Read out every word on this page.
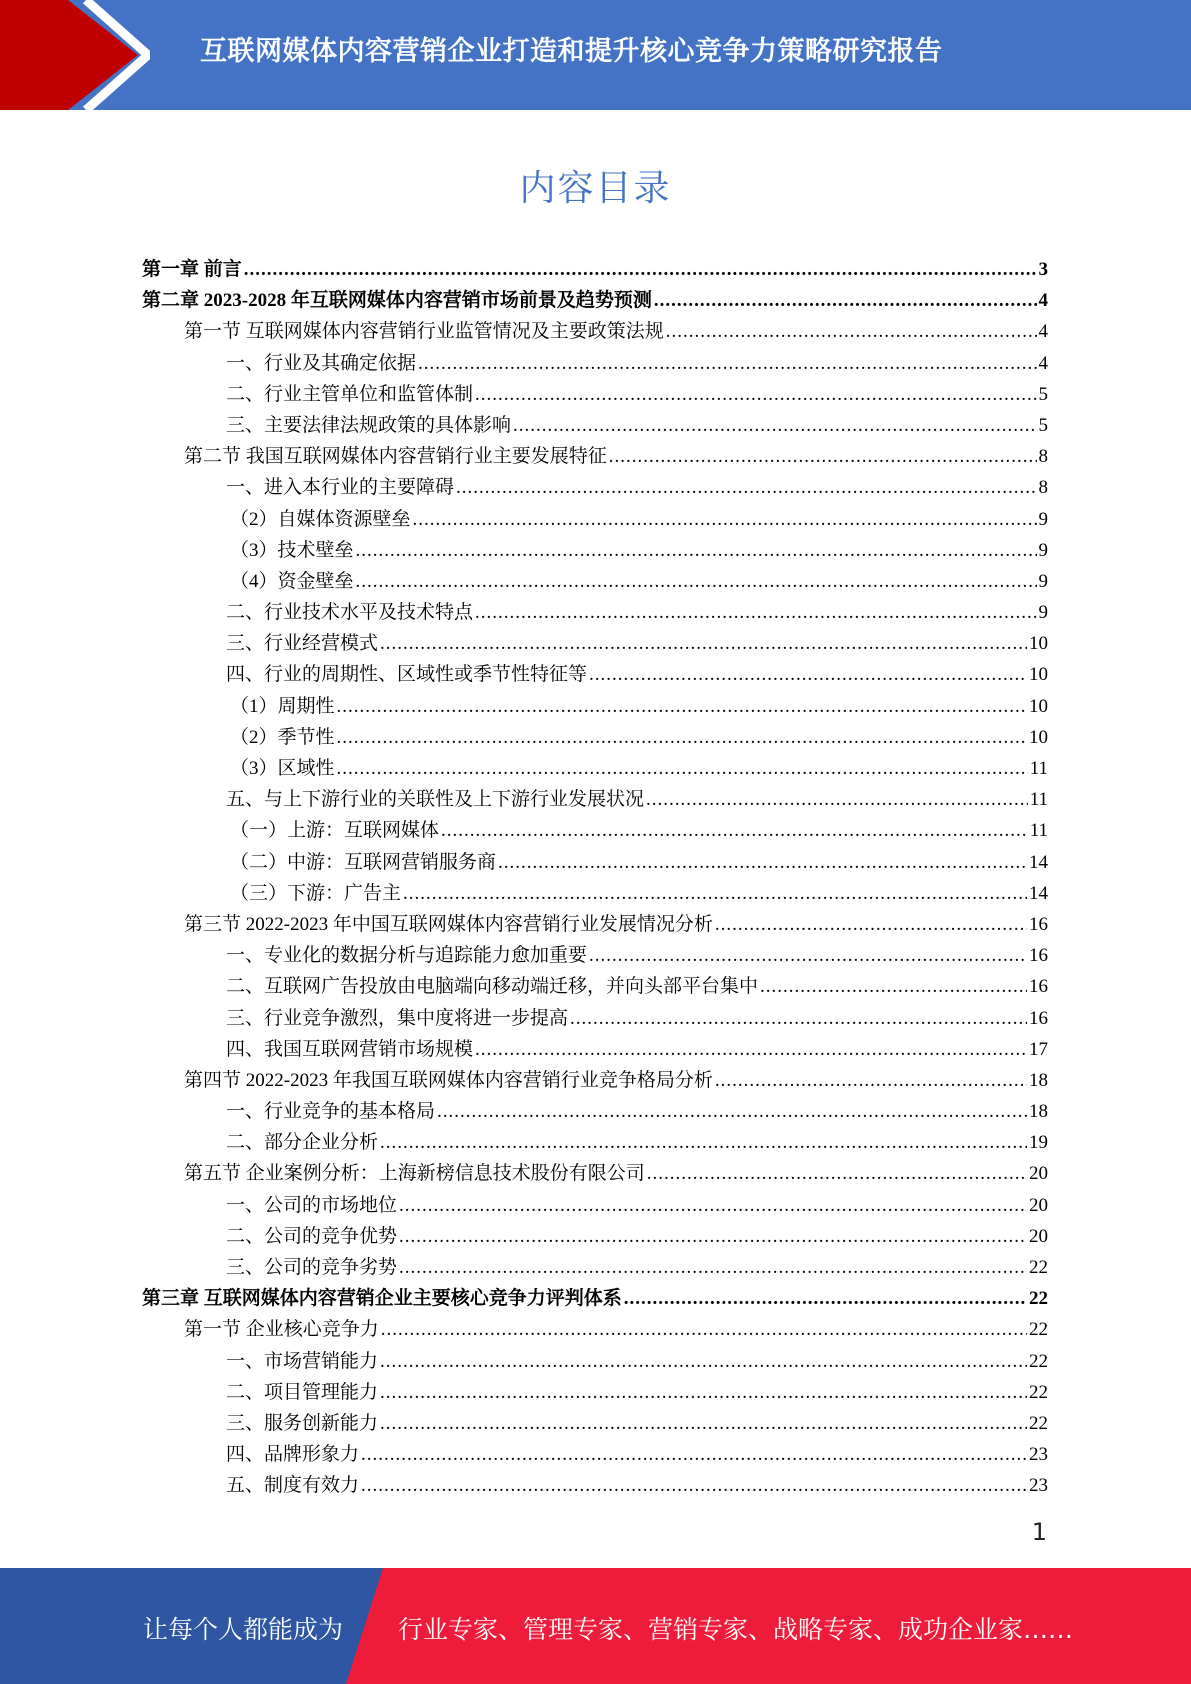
互联网媒体内容营销企业打造和提升核心竞争力策略研究报告
内容目录
第一章 前言 .....	3
第二章 2023-2028 年互联网媒体内容营销市场前景及趋势预测 .....	4
第一节 互联网媒体内容营销行业监管情况及主要政策法规 .....	4
一、行业及其确定依据 .....	4
二、行业主管单位和监管体制 .....	5
三、主要法律法规政策的具体影响 .....	5
第二节 我国互联网媒体内容营销行业主要发展特征 .....	8
一、进入本行业的主要障碍 .....	8
（2）自媒体资源壁垒 .....	9
（3）技术壁垒 .....	9
（4）资金壁垒 .....	9
二、行业技术水平及技术特点 .....	9
三、行业经营模式 .....	10
四、行业的周期性、区域性或季节性特征等 .....	10
（1）周期性 .....	10
（2）季节性 .....	10
（3）区域性 .....	11
五、与上下游行业的关联性及上下游行业发展状况 .....	11
（一）上游：互联网媒体 .....	11
（二）中游：互联网营销服务商 .....	14
（三）下游：广告主 .....	14
第三节 2022-2023 年中国互联网媒体内容营销行业发展情况分析 .....	16
一、专业化的数据分析与追踪能力愈加重要 .....	16
二、互联网广告投放由电脑端向移动端迁移，并向头部平台集中 .....	16
三、行业竞争激烈，集中度将进一步提高 .....	16
四、我国互联网营销市场规模 .....	17
第四节 2022-2023 年我国互联网媒体内容营销行业竞争格局分析 .....	18
一、行业竞争的基本格局 .....	18
二、部分企业分析 .....	19
第五节 企业案例分析：上海新榜信息技术股份有限公司 .....	20
一、公司的市场地位 .....	20
二、公司的竞争优势 .....	20
三、公司的竞争劣势 .....	22
第三章 互联网媒体内容营销企业主要核心竞争力评判体系 .....	22
第一节 企业核心竞争力 .....	22
一、市场营销能力 .....	22
二、项目管理能力 .....	22
三、服务创新能力 .....	22
四、品牌形象力 .....	23
五、制度有效力 .....	23
1
让每个人都能成为 行业专家、管理专家、营销专家、战略专家、成功企业家……
